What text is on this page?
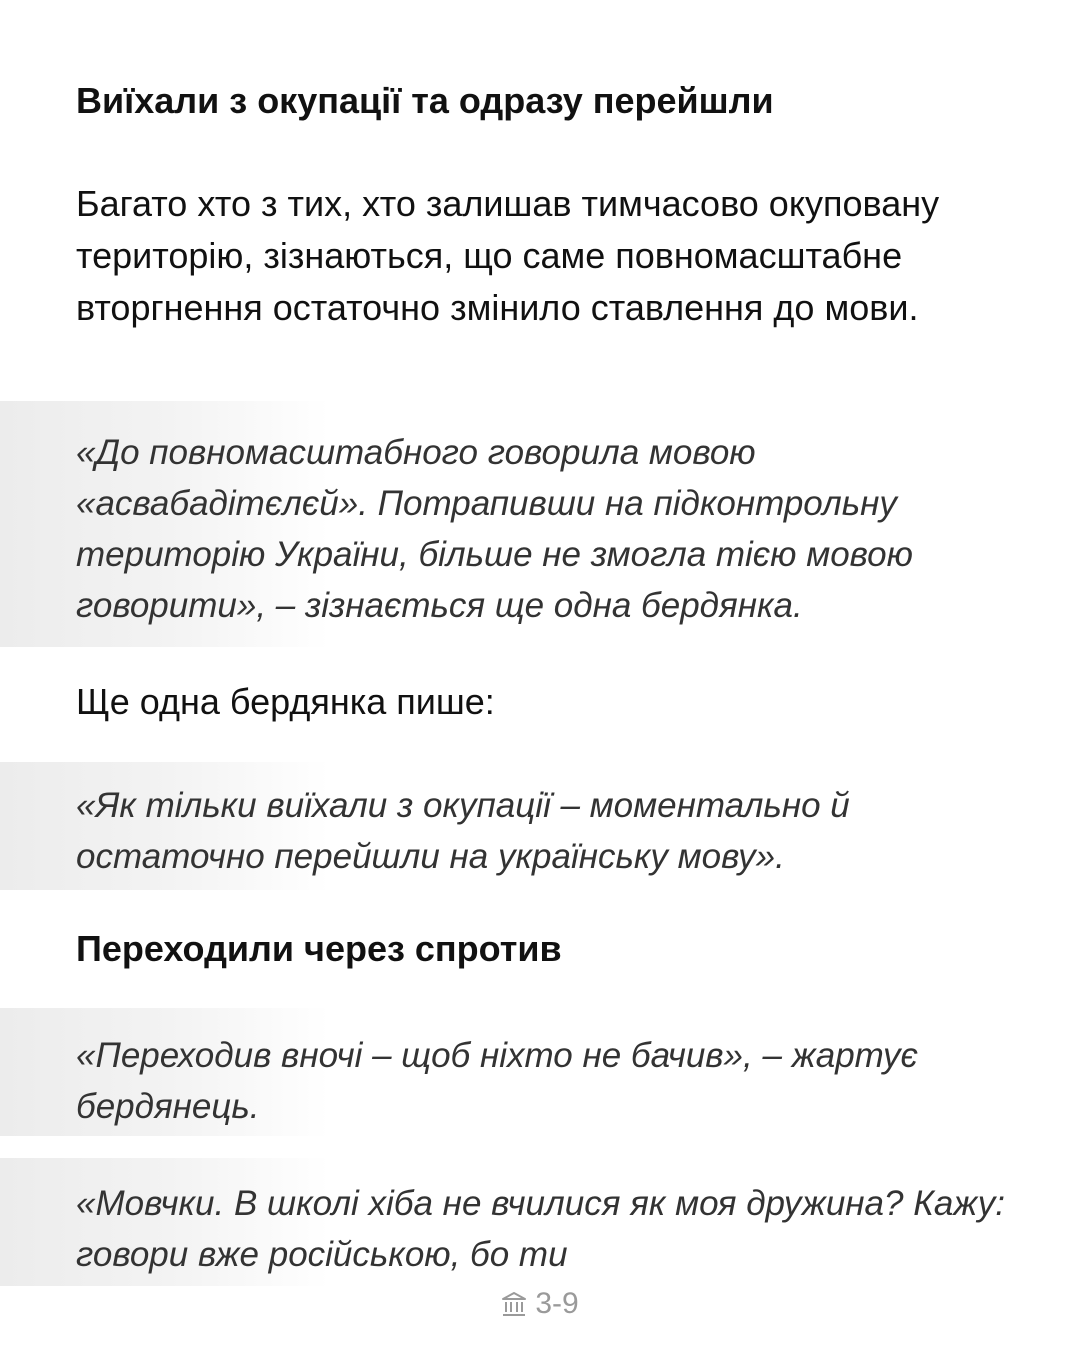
Виїхали з окупації та одразу перейшли

Багато хто з тих, хто залишав тимчасово окуповану територію, зізнаються, що саме повномасштабне вторгнення остаточно змінило ставлення до мови.

«До повномасштабного говорила мовою «асвабадітєлєй». Потрапивши на підконтрольну територію України, більше не змогла тією мовою говорити», – зізнається ще одна бердянка.

Ще одна бердянка пише:

«Як тільки виїхали з окупації – моментально й остаточно перейшли на українську мову».

Переходили через спротив

«Переходив вночі – щоб ніхто не бачив», – жартує бердянець.

«Мовчки. В школі хіба не вчилися як моя дружина? Кажу: говори вже російською, бо ти

3-9
